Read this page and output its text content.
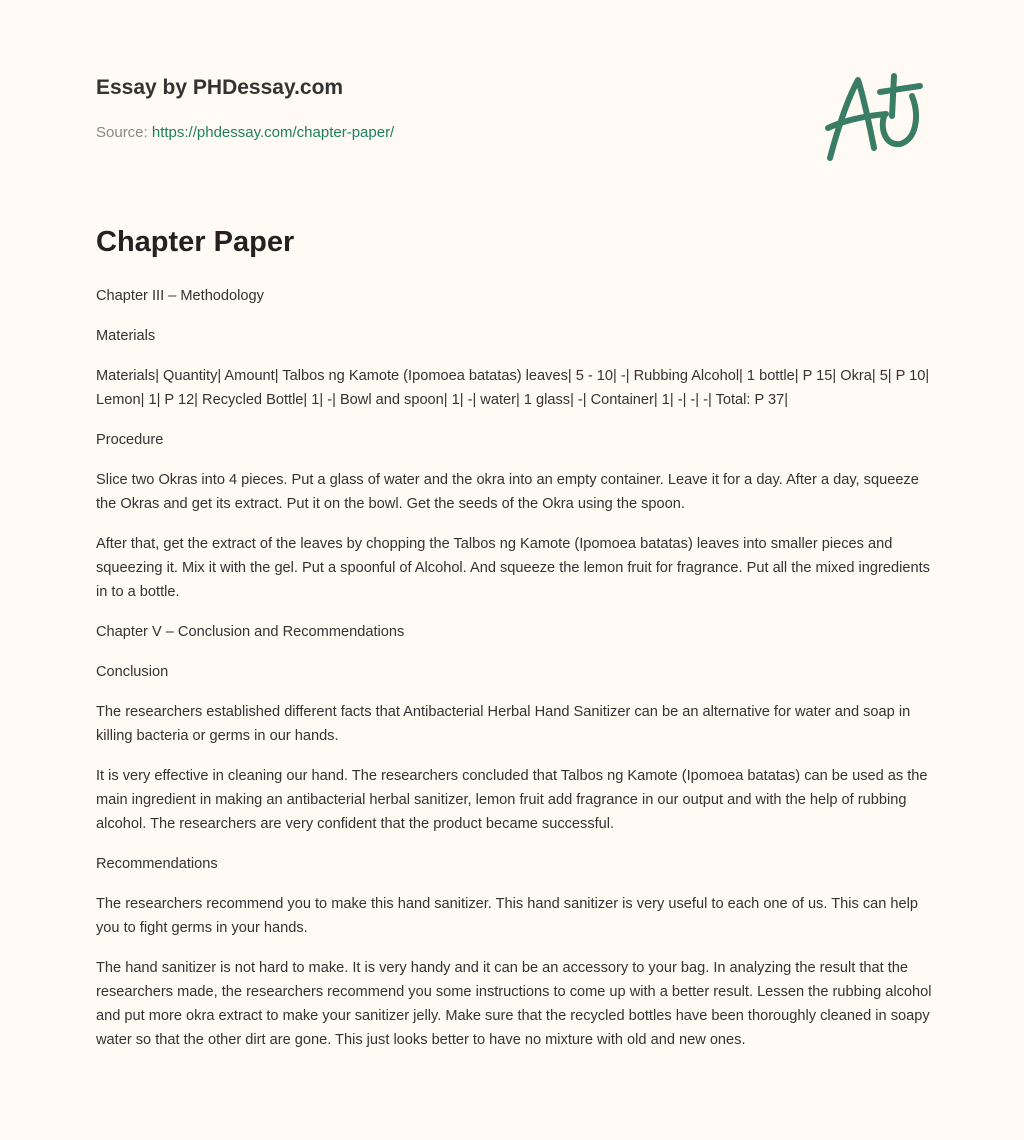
Essay by PHDessay.com
Source: https://phdessay.com/chapter-paper/
Chapter Paper

Chapter III – Methodology

Materials

Materials| Quantity| Amount| Talbos ng Kamote (Ipomoea batatas) leaves| 5 - 10| -| Rubbing Alcohol| 1 bottle| P 15| Okra| 5| P 10| Lemon| 1| P 12| Recycled Bottle| 1| -| Bowl and spoon| 1| -| water| 1 glass| -| Container| 1| -| -| -| Total: P 37|

Procedure

Slice two Okras into 4 pieces. Put a glass of water and the okra into an empty container. Leave it for a day. After a day, squeeze the Okras and get its extract. Put it on the bowl. Get the seeds of the Okra using the spoon.

After that, get the extract of the leaves by chopping the Talbos ng Kamote (Ipomoea batatas) leaves into smaller pieces and squeezing it. Mix it with the gel. Put a spoonful of Alcohol. And squeeze the lemon fruit for fragrance. Put all the mixed ingredients in to a bottle.

Chapter V – Conclusion and Recommendations

Conclusion

The researchers established different facts that Antibacterial Herbal Hand Sanitizer can be an alternative for water and soap in killing bacteria or germs in our hands.

It is very effective in cleaning our hand. The researchers concluded that Talbos ng Kamote (Ipomoea batatas) can be used as the main ingredient in making an antibacterial herbal sanitizer, lemon fruit add fragrance in our output and with the help of rubbing alcohol. The researchers are very confident that the product became successful.

Recommendations

The researchers recommend you to make this hand sanitizer. This hand sanitizer is very useful to each one of us. This can help you to fight germs in your hands.

The hand sanitizer is not hard to make. It is very handy and it can be an accessory to your bag. In analyzing the result that the researchers made, the researchers recommend you some instructions to come up with a better result. Lessen the rubbing alcohol and put more okra extract to make your sanitizer jelly. Make sure that the recycled bottles have been thoroughly cleaned in soapy water so that the other dirt are gone. This just looks better to have no mixture with old and new ones.
